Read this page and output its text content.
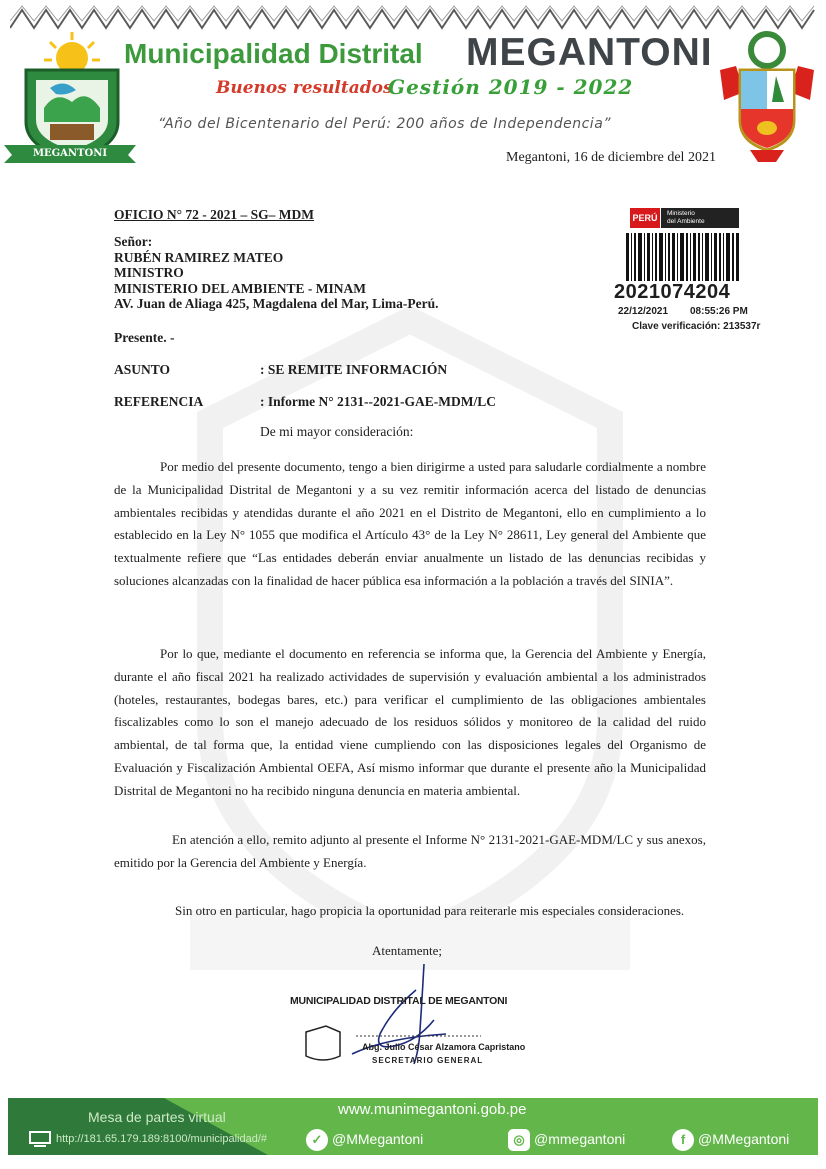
MEGANTONI
Municipalidad Distrital MEGANTONI
Buenos resultados
Gestión 2019 - 2022
“Año del Bicentenario del Perú: 200 años de Independencia”
Megantoni, 16 de diciembre del 2021
PERÚ	Ministerio
del Ambiente
2021074204
22/12/2021 08:55:26 PM
Clave verificación: 213537r
OFICIO N° 72 - 2021 – SG– MDM
Señor:
RUBÉN RAMIREZ MATEO
MINISTRO
MINISTERIO DEL AMBIENTE - MINAM
AV. Juan de Aliaga 425, Magdalena del Mar, Lima-Perú.
Presente. -
ASUNTO	: SE REMITE INFORMACIÓN
REFERENCIA	: Informe N° 2131--2021-GAE-MDM/LC
De mi mayor consideración:

Por medio del presente documento, tengo a bien dirigirme a usted para saludarle cordialmente a nombre de la Municipalidad Distrital de Megantoni y a su vez remitir información acerca del listado de denuncias ambientales recibidas y atendidas durante el año 2021 en el Distrito de Megantoni, ello en cumplimiento a lo establecido en la Ley N° 1055 que modifica el Artículo 43° de la Ley N° 28611, Ley general del Ambiente que textualmente refiere que “Las entidades deberán enviar anualmente un listado de las denuncias recibidas y soluciones alcanzadas con la finalidad de hacer pública esa información a la población a través del SINIA”.

Por lo que, mediante el documento en referencia se informa que, la Gerencia del Ambiente y Energía, durante el año fiscal 2021 ha realizado actividades de supervisión y evaluación ambiental a los administrados (hoteles, restaurantes, bodegas bares, etc.) para verificar el cumplimiento de las obligaciones ambientales fiscalizables como lo son el manejo adecuado de los residuos sólidos y monitoreo de la calidad del ruido ambiental, de tal forma que, la entidad viene cumpliendo con las disposiciones legales del Organismo de Evaluación y Fiscalización Ambiental OEFA, Así mismo informar que durante el presente año la Municipalidad Distrital de Megantoni no ha recibido ninguna denuncia en materia ambiental.

En atención a ello, remito adjunto al presente el Informe N° 2131-2021-GAE-MDM/LC y sus anexos, emitido por la Gerencia del Ambiente y Energía.

Sin otro en particular, hago propicia la oportunidad para reiterarle mis especiales consideraciones.
Atentamente;
MUNICIPALIDAD DISTRITAL DE MEGANTONI
Abg. Julio César Alzamora Capristano
SECRETARIO GENERAL
www.munimegantoni.gob.pe
Mesa de partes virtual
http://181.65.179.189:8100/municipalidad/#	✓ @MMegantoni	◎ @mmegantoni	f @MMegantoni
